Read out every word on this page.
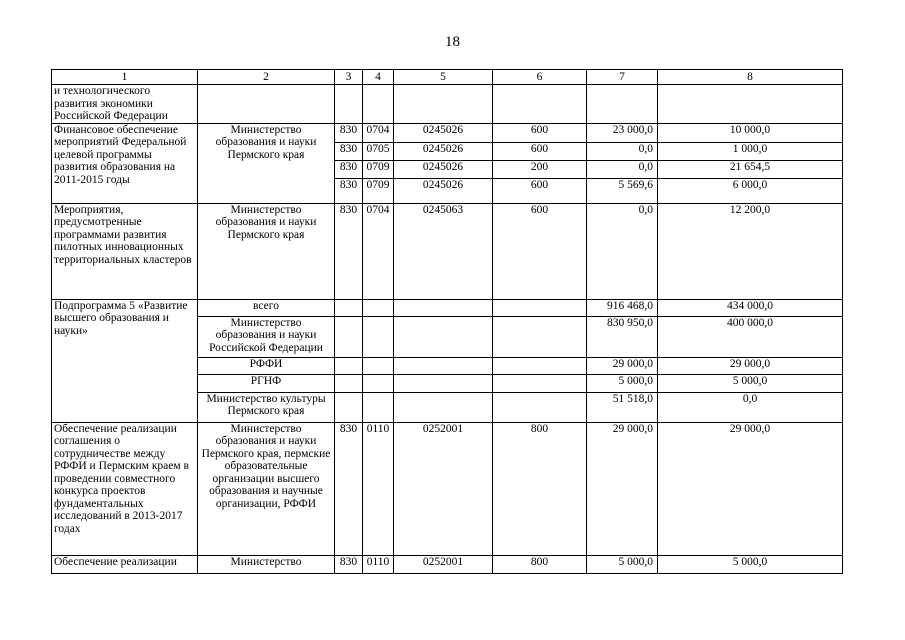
18
1	2	3	4	5	6	7	8
и технологического развития экономики Российской Федерации							
Финансовое обеспечение мероприятий Федеральной целевой программы развития образования на 2011-2015 годы	Министерство образования и науки Пермского края	830	0704	0245026	600	23 000,0	10 000,0
		830	0705	0245026	600	0,0	1 000,0
		830	0709	0245026	200	0,0	21 654,5
		830	0709	0245026	600	5 569,6	6 000,0
Мероприятия, предусмотренные программами развития пилотных инновационных территориальных кластеров	Министерство образования и науки Пермского края	830	0704	0245063	600	0,0	12 200,0
Подпрограмма 5 «Развитие высшего образования и науки»	всего					916 468,0	434 000,0
	Министерство образования и науки Российской Федерации					830 950,0	400 000,0
	РФФИ					29 000,0	29 000,0
	РГНФ					5 000,0	5 000,0
	Министерство культуры Пермского края					51 518,0	0,0
Обеспечение реализации соглашения о сотрудничестве между РФФИ и Пермским краем в проведении совместного конкурса проектов фундаментальных исследований в 2013-2017 годах	Министерство образования и науки Пермского края, пермские образовательные организации высшего образования и научные организации, РФФИ	830	0110	0252001	800	29 000,0	29 000,0
Обеспечение реализации	Министерство	830	0110	0252001	800	5 000,0	5 000,0
